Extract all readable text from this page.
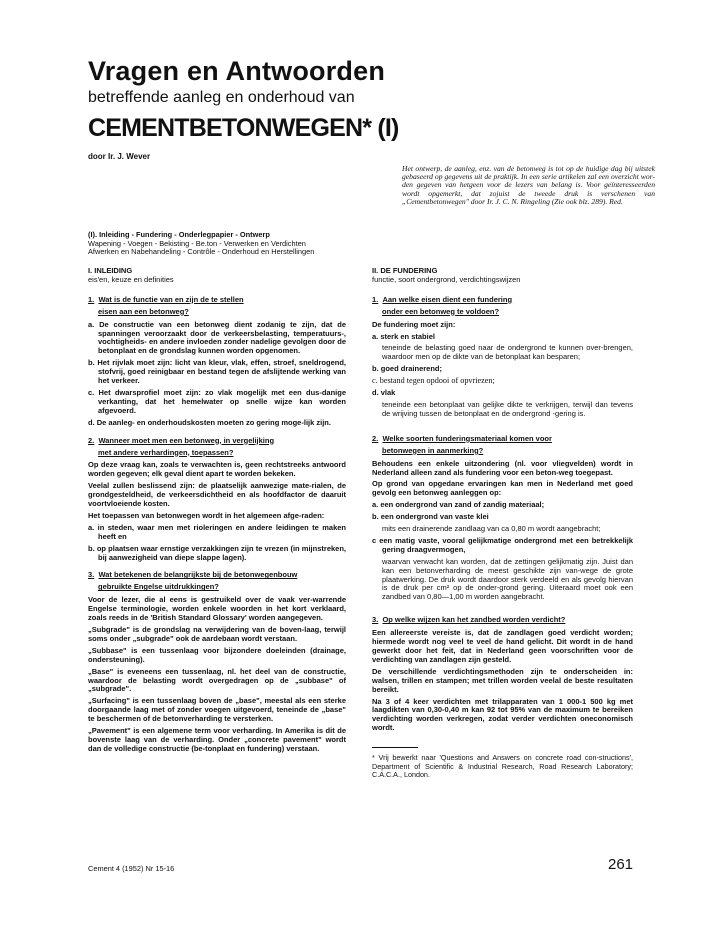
Vragen en Antwoorden
betreffende aanleg en onderhoud van
CEMENTBETONWEGEN* (I)
door Ir. J. Wever
Het ontwerp, de aanleg, enz. van de betonweg is tot op de huidige dag bij uitstek gebaseerd op gegevens uit de praktijk. In een serie artikelen zal een overzicht wor-den gegeven van hetgeen voor de lezers van belang is. Voor geïnteresseerden wordt opgemerkt, dat zojuist de tweede druk is verschenen van „Cementbetonwegen" door Ir. J. C. N. Ringeling (Zie ook blz. 289). Red.
(I). Inleiding - Fundering - Onderlegpapier - Ontwerp
Wapening - Voegen - Bekisting - Be.ton - Verwerken en Verdichten
Afwerken en Nabehandeling - Contrôle - Onderhoud en Herstellingen
I. INLEIDING
eis'en, keuze en definities
1. Wat is de functie van en zijn de te stellen
eisen aan een betonweg?

a. De constructie van een betonweg dient zodanig te zijn, dat de spanningen veroorzaakt door de verkeersbelasting, temperatuurs-, vochtigheids- en andere invloeden zonder nadelige gevolgen door de betonplaat en de grondslag kunnen worden opgenomen.

b. Het rijvlak moet zijn: licht van kleur, vlak, effen, stroef, sneldrogend, stofvrij, goed reinigbaar en bestand tegen de afslijtende werking van het verkeer.

c. Het dwarsprofiel moet zijn: zo vlak mogelijk met een dus-danige verkanting, dat het hemelwater op snelle wijze kan worden afgevoerd.

d. De aanleg- en onderhoudskosten moeten zo gering moge-lijk zijn.

2. Wanneer moet men een betonweg, in vergelijking
met andere verhardingen, toepassen?

Op deze vraag kan, zoals te verwachten is, geen rechtstreeks antwoord worden gegeven; elk geval dient apart te worden bekeken.

Veelal zullen beslissend zijn: de plaatselijk aanwezige mate-rialen, de grondgesteldheid, de verkeersdichtheid en als hoofdfactor de daaruit voortvloeiende kosten.

Het toepassen van betonwegen wordt in het algemeen afge-raden:

a. in steden, waar men met rioleringen en andere leidingen te maken heeft en

b. op plaatsen waar ernstige verzakkingen zijn te vrezen (in mijnstreken, bij aanwezigheid van diepe slappe lagen).

3. Wat betekenen de belangrijkste bij de betonwegenbouw
gebruikte Engelse uitdrukkingen?

Voor de lezer, die al eens is gestruikeld over de vaak ver-warrende Engelse terminologie, worden enkele woorden in het kort verklaard, zoals reeds in de 'British Standard Glossary' worden aangegeven.

„Subgrade" is de grondslag na verwijdering van de boven-laag, terwijl soms onder „subgrade" ook de aardebaan wordt verstaan.

„Subbase" is een tussenlaag voor bijzondere doeleinden (drainage, ondersteuning).

„Base" is eveneens een tussenlaag, nl. het deel van de constructie, waardoor de belasting wordt overgedragen op de „subbase" of „subgrade".

„Surfacing" is een tussenlaag boven de „base", meestal als een sterke doorgaande laag met of zonder voegen uitgevoerd, teneinde de „base" te beschermen of de betonverharding te versterken.

„Pavement" is een algemene term voor verharding. In Amerika is dit de bovenste laag van de verharding. Onder „concrete pavement" wordt dan de volledige constructie (be-tonplaat en fundering) verstaan.

II. DE FUNDERING
functie, soort ondergrond, verdichtingswijzen
1. Aan welke eisen dient een fundering
onder een betonweg te voldoen?

De fundering moet zijn:

a. sterk en stabiel

teneinde de belasting goed naar de ondergrond te kunnen over-brengen, waardoor men op de dikte van de betonplaat kan besparen;

b. goed drainerend;

c. bestand tegen opdooi of opvriezen;

d. vlak

teneinde een betonplaat van gelijke dikte te verkrijgen, terwijl dan tevens de wrijving tussen de betonplaat en de ondergrond -gering is.

2. Welke soorten funderingsmateriaal komen voor
betonwegen in aanmerking?

Behoudens een enkele uitzondering (nl. voor vliegvelden) wordt in Nederland alleen zand als fundering voor een beton-weg toegepast.

Op grond van opgedane ervaringen kan men in Nederland met goed gevolg een betonweg aanleggen op:

a. een ondergrond van zand of zandig materiaal;

b. een ondergrond van vaste klei

mits een drainerende zandlaag van ca 0,80 m wordt aangebracht;

c een matig vaste, vooral gelijkmatige ondergrond met een betrekkelijk gering draagvermogen,

waarvan verwacht kan worden, dat de zettingen gelijkmatig zijn. Juist dan kan een betonverharding de meest geschikte zijn van-wege de grote plaatwerking. De druk wordt daardoor sterk verdeeld en als gevolg hiervan is de druk per cm² op de onder-grond gering. Uiteraard moet ook een zandbed van 0,80—1,00 m worden aangebracht.

3. Op welke wijzen kan het zandbed worden verdicht?

Een allereerste vereiste is, dat de zandlagen goed verdicht worden; hiermede wordt nog veel te veel de hand gelicht. Dit wordt in de hand gewerkt door het feit, dat in Nederland geen voorschriften voor de verdichting van zandlagen zijn gesteld.

De verschillende verdichtingsmethoden zijn te onderscheiden in: walsen, trillen en stampen; met trillen worden veelal de beste resultaten bereikt.

Na 3 of 4 keer verdichten met trilapparaten van 1 000-1 500 kg met laagdikten van 0,30-0,40 m kan 92 tot 95% van de maximum te bereiken verdichting worden verkregen, zodat verder verdichten oneconomisch wordt.

* Vrij bewerkt naar 'Questions and Answers on concrete road con-structions', Department of Scientific & Industrial Research, Road Research Laboratory; C.A.C.A., London.

Cement 4 (1952) Nr 15-16	261
